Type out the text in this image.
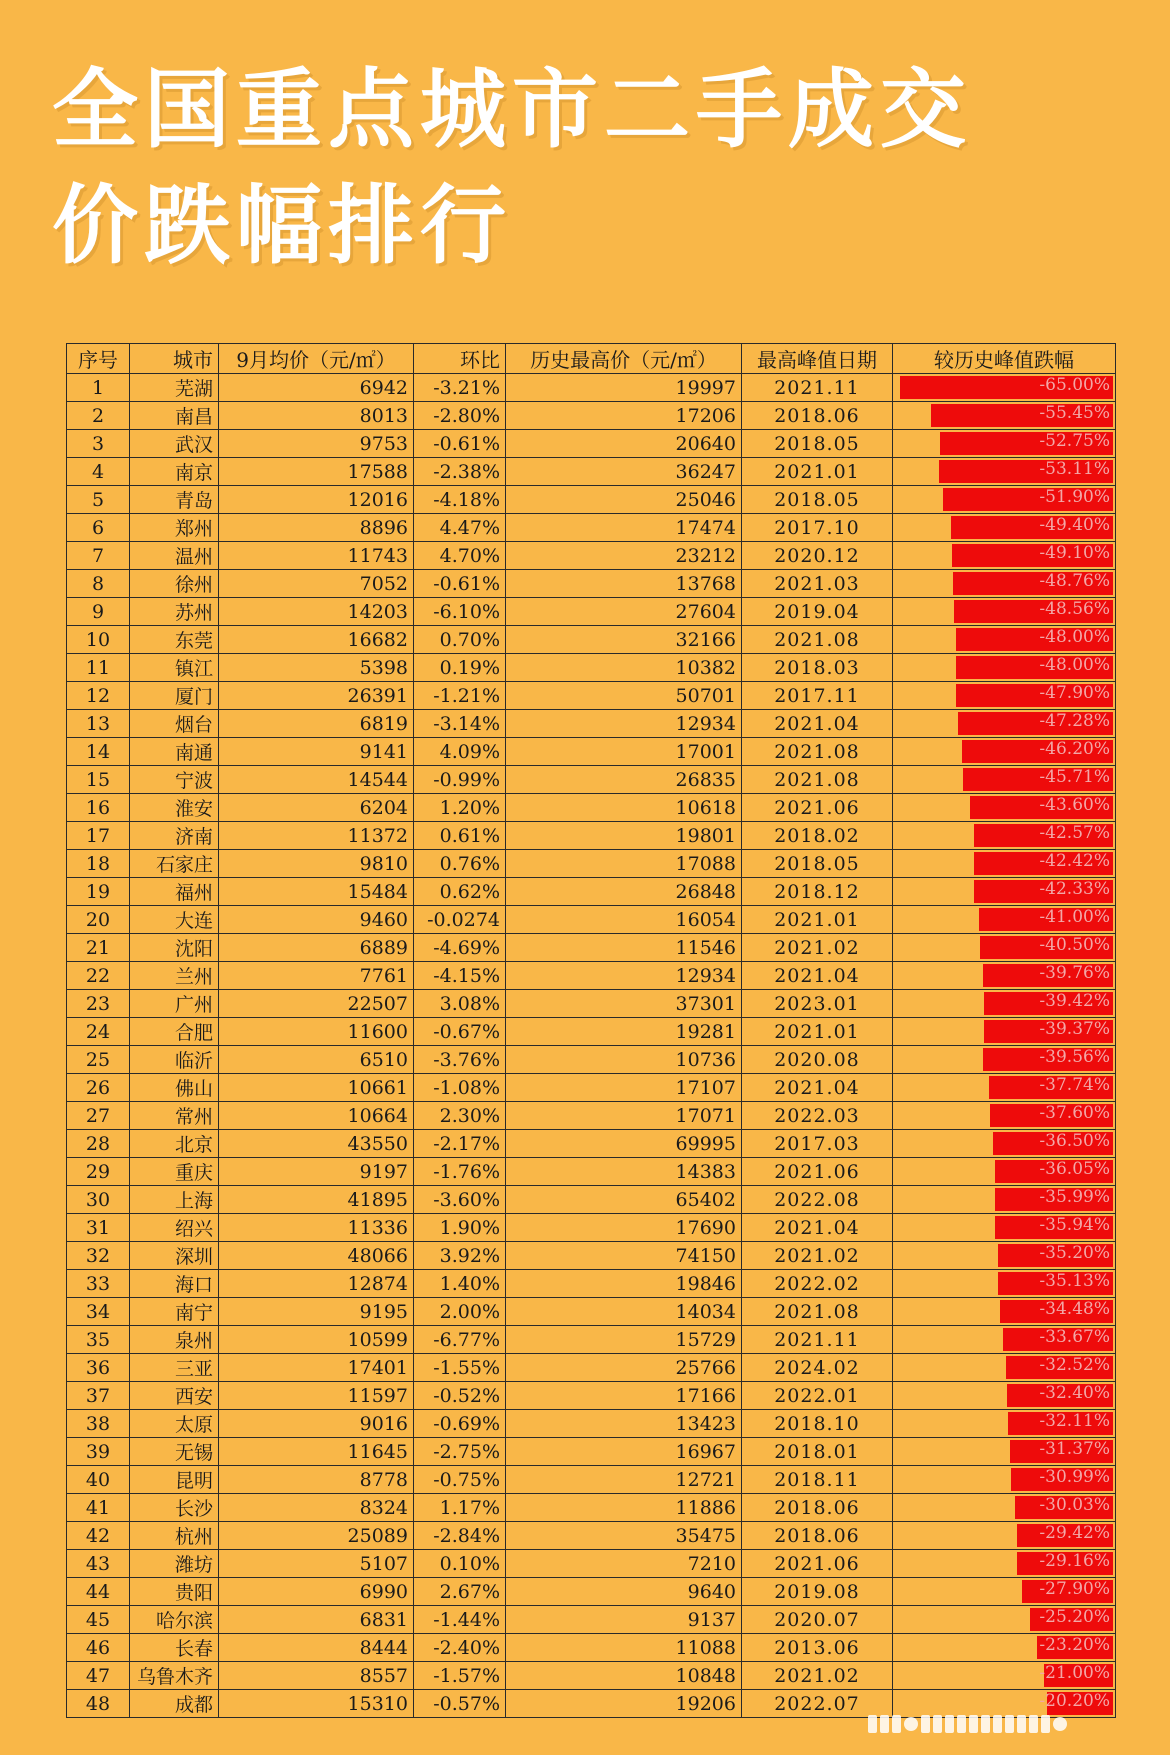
全国重点城市二手成交
价跌幅排行
序号	城市	9月均价（元/㎡）	环比	历史最高价（元/㎡）	最高峰值日期	较历史峰值跌幅
1	芜湖	6942	-3.21%	19997	2021.11	-65.00%

2	南昌	8013	-2.80%	17206	2018.06	-55.45%

3	武汉	9753	-0.61%	20640	2018.05	-52.75%

4	南京	17588	-2.38%	36247	2021.01	-53.11%

5	青岛	12016	-4.18%	25046	2018.05	-51.90%

6	郑州	8896	4.47%	17474	2017.10	-49.40%

7	温州	11743	4.70%	23212	2020.12	-49.10%

8	徐州	7052	-0.61%	13768	2021.03	-48.76%

9	苏州	14203	-6.10%	27604	2019.04	-48.56%

10	东莞	16682	0.70%	32166	2021.08	-48.00%

11	镇江	5398	0.19%	10382	2018.03	-48.00%

12	厦门	26391	-1.21%	50701	2017.11	-47.90%

13	烟台	6819	-3.14%	12934	2021.04	-47.28%

14	南通	9141	4.09%	17001	2021.08	-46.20%

15	宁波	14544	-0.99%	26835	2021.08	-45.71%

16	淮安	6204	1.20%	10618	2021.06	-43.60%

17	济南	11372	0.61%	19801	2018.02	-42.57%

18	石家庄	9810	0.76%	17088	2018.05	-42.42%

19	福州	15484	0.62%	26848	2018.12	-42.33%

20	大连	9460	-0.0274	16054	2021.01	-41.00%

21	沈阳	6889	-4.69%	11546	2021.02	-40.50%

22	兰州	7761	-4.15%	12934	2021.04	-39.76%

23	广州	22507	3.08%	37301	2023.01	-39.42%

24	合肥	11600	-0.67%	19281	2021.01	-39.37%

25	临沂	6510	-3.76%	10736	2020.08	-39.56%

26	佛山	10661	-1.08%	17107	2021.04	-37.74%

27	常州	10664	2.30%	17071	2022.03	-37.60%

28	北京	43550	-2.17%	69995	2017.03	-36.50%

29	重庆	9197	-1.76%	14383	2021.06	-36.05%

30	上海	41895	-3.60%	65402	2022.08	-35.99%

31	绍兴	11336	1.90%	17690	2021.04	-35.94%

32	深圳	48066	3.92%	74150	2021.02	-35.20%

33	海口	12874	1.40%	19846	2022.02	-35.13%

34	南宁	9195	2.00%	14034	2021.08	-34.48%

35	泉州	10599	-6.77%	15729	2021.11	-33.67%

36	三亚	17401	-1.55%	25766	2024.02	-32.52%

37	西安	11597	-0.52%	17166	2022.01	-32.40%

38	太原	9016	-0.69%	13423	2018.10	-32.11%

39	无锡	11645	-2.75%	16967	2018.01	-31.37%

40	昆明	8778	-0.75%	12721	2018.11	-30.99%

41	长沙	8324	1.17%	11886	2018.06	-30.03%

42	杭州	25089	-2.84%	35475	2018.06	-29.42%

43	潍坊	5107	0.10%	7210	2021.06	-29.16%

44	贵阳	6990	2.67%	9640	2019.08	-27.90%

45	哈尔滨	6831	-1.44%	9137	2020.07	-25.20%

46	长春	8444	-2.40%	11088	2013.06	-23.20%

47	乌鲁木齐	8557	-1.57%	10848	2021.02	-21.00%

48	成都	15310	-0.57%	19206	2022.07	-20.20%
